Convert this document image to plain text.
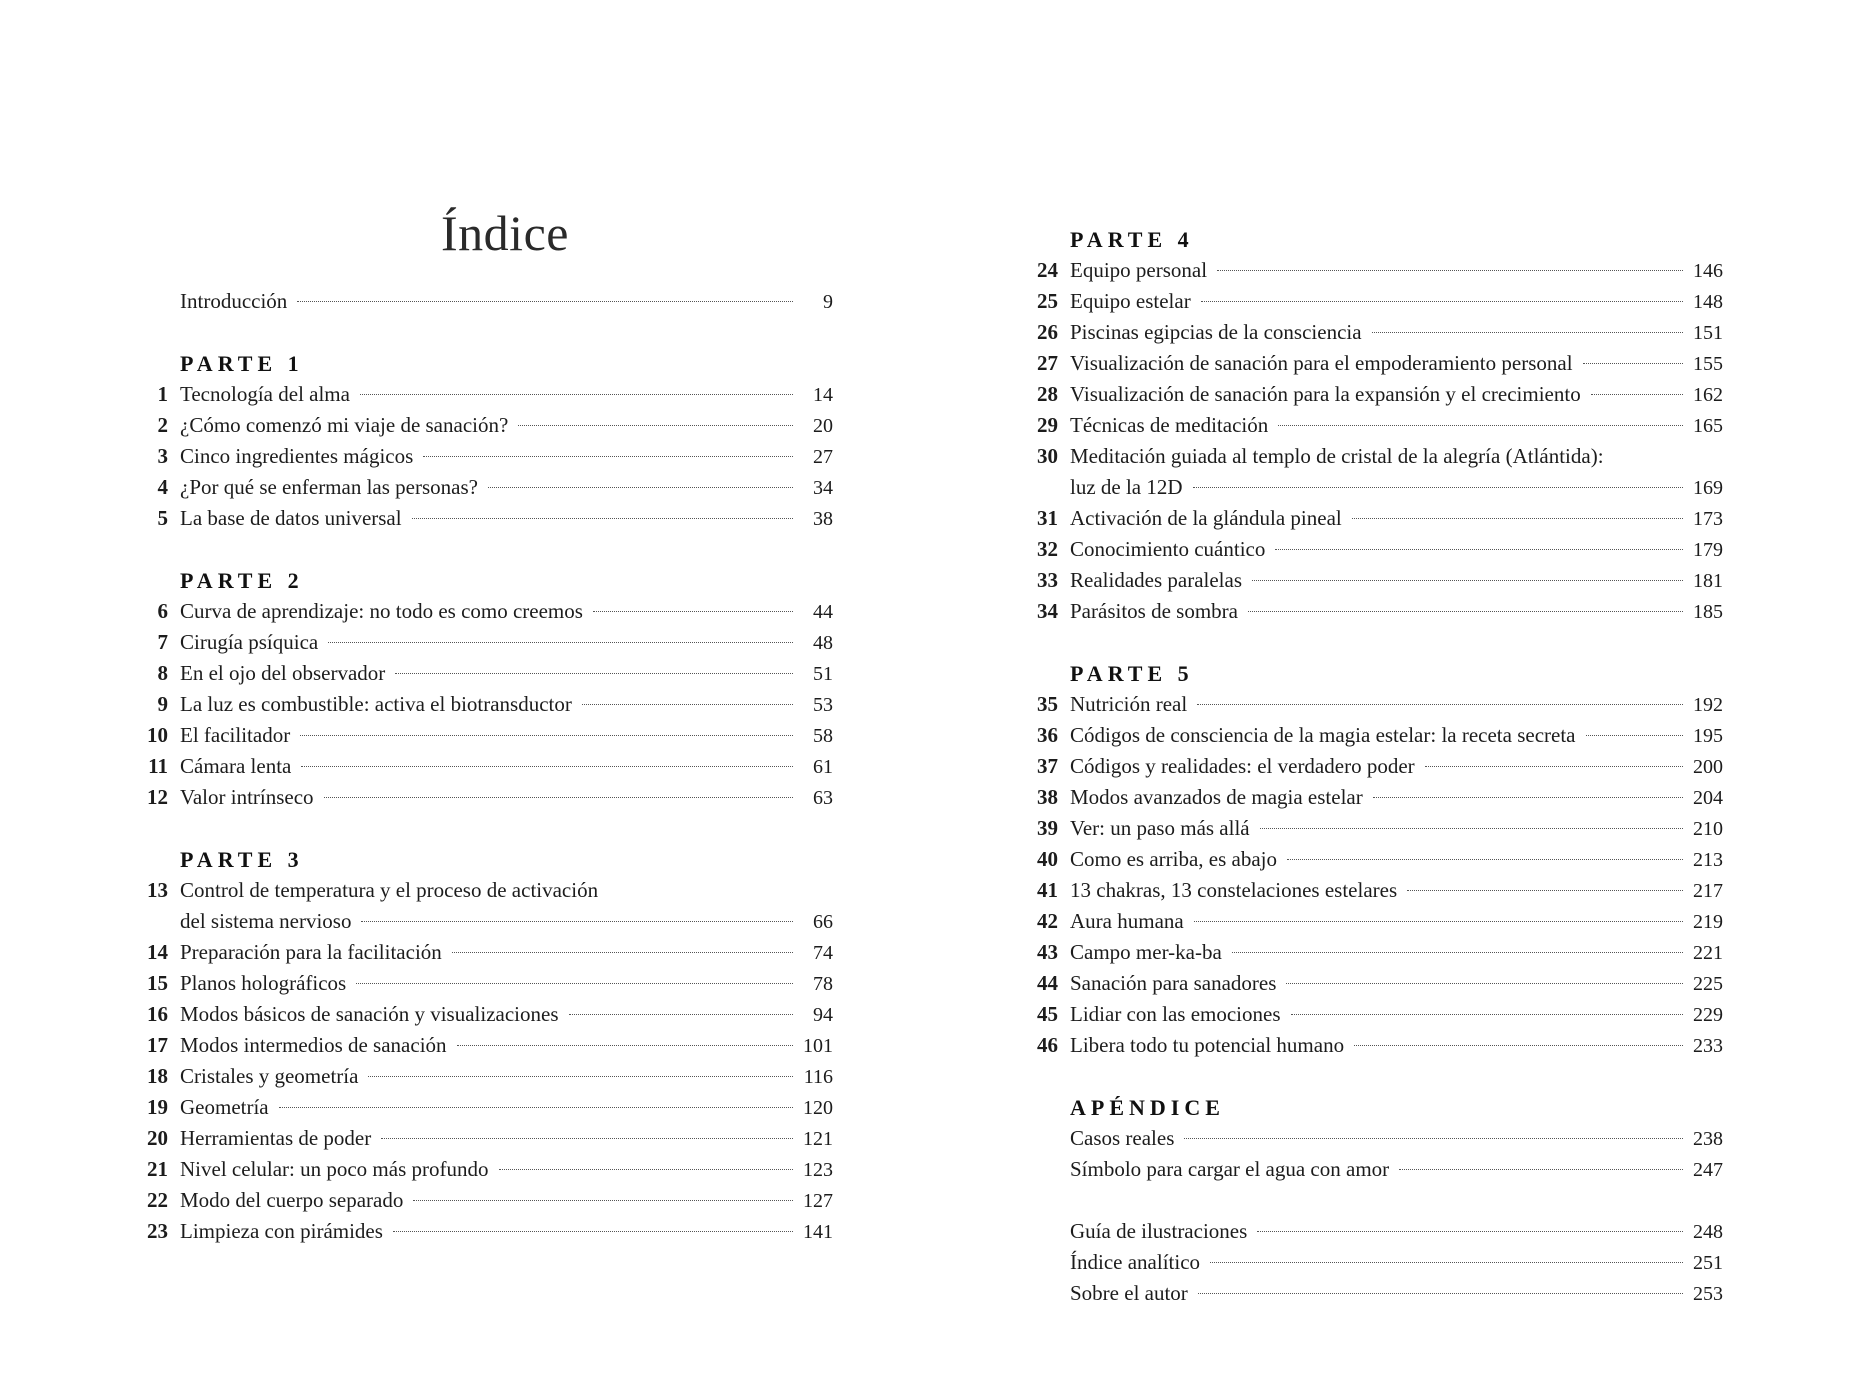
Índice
Introducción	9
PARTE 1
1 Tecnología del alma	14
2 ¿Cómo comenzó mi viaje de sanación?	20
3 Cinco ingredientes mágicos	27
4 ¿Por qué se enferman las personas?	34
5 La base de datos universal	38
PARTE 2
6 Curva de aprendizaje: no todo es como creemos	44
7 Cirugía psíquica	48
8 En el ojo del observador	51
9 La luz es combustible: activa el biotransductor	53
10 El facilitador	58
11 Cámara lenta	61
12 Valor intrínseco	63
PARTE 3
13 Control de temperatura y el proceso de activación
del sistema nervioso	66
14 Preparación para la facilitación	74
15 Planos holográficos	78
16 Modos básicos de sanación y visualizaciones	94
17 Modos intermedios de sanación	101
18 Cristales y geometría	116
19 Geometría	120
20 Herramientas de poder	121
21 Nivel celular: un poco más profundo	123
22 Modo del cuerpo separado	127
23 Limpieza con pirámides	141
PARTE 4
24 Equipo personal	146
25 Equipo estelar	148
26 Piscinas egipcias de la consciencia	151
27 Visualización de sanación para el empoderamiento personal	155
28 Visualización de sanación para la expansión y el crecimiento	162
29 Técnicas de meditación	165
30 Meditación guiada al templo de cristal de la alegría (Atlántida):
luz de la 12D	169
31 Activación de la glándula pineal	173
32 Conocimiento cuántico	179
33 Realidades paralelas	181
34 Parásitos de sombra	185
PARTE 5
35 Nutrición real	192
36 Códigos de consciencia de la magia estelar: la receta secreta	195
37 Códigos y realidades: el verdadero poder	200
38 Modos avanzados de magia estelar	204
39 Ver: un paso más allá	210
40 Como es arriba, es abajo	213
41 13 chakras, 13 constelaciones estelares	217
42 Aura humana	219
43 Campo mer-ka-ba	221
44 Sanación para sanadores	225
45 Lidiar con las emociones	229
46 Libera todo tu potencial humano	233
APÉNDICE
Casos reales	238
Símbolo para cargar el agua con amor	247
Guía de ilustraciones	248
Índice analítico	251
Sobre el autor	253
